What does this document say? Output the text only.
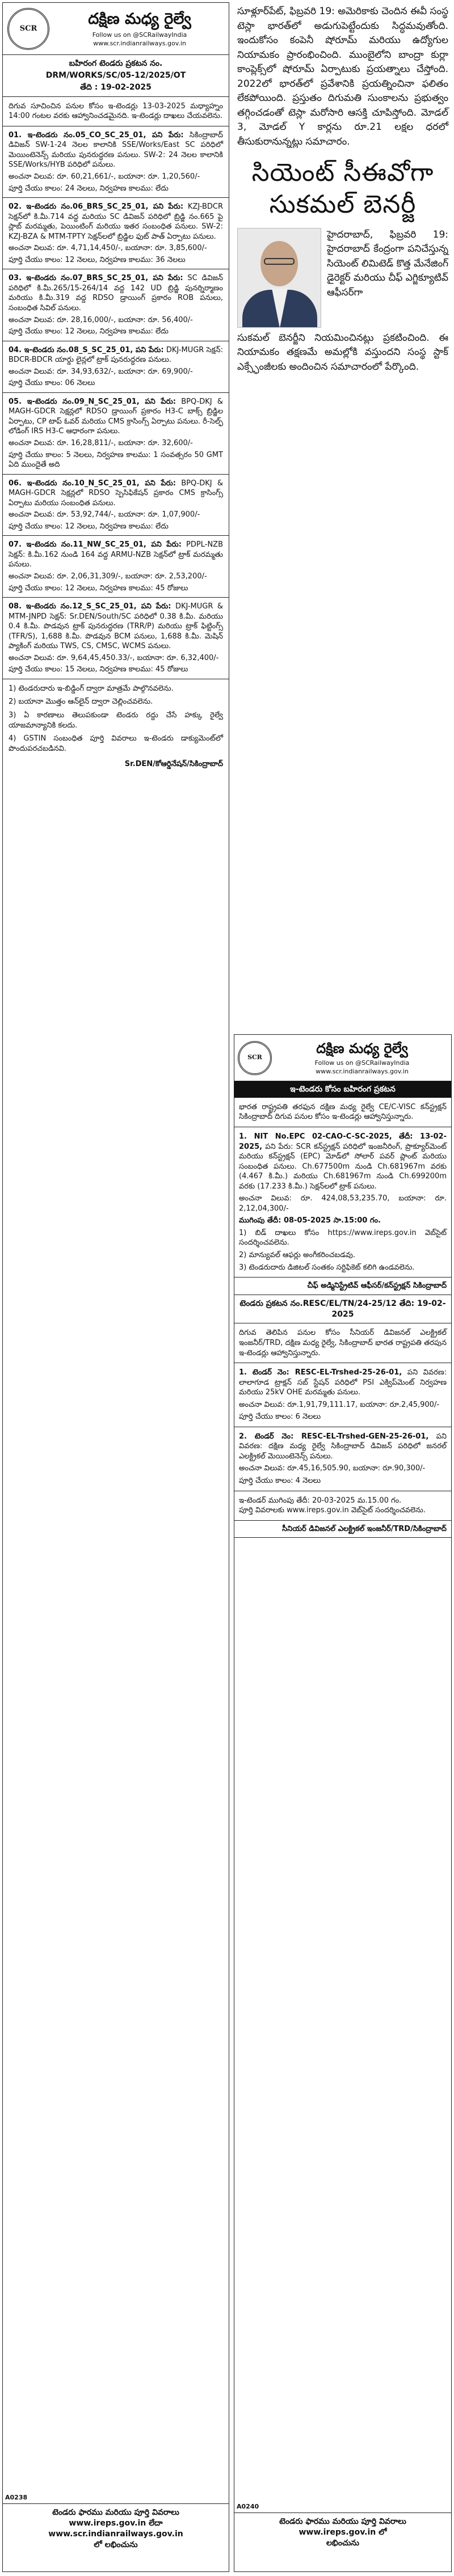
SCR
దక్షిణ మధ్య రైల్వే
Follow us on @SCRailwayIndia
www.scr.indianrailways.gov.in
బహిరంగ టెండరు ప్రకటన నం.
DRM/WORKS/SC/05-12/2025/OT
తేది : 19-02-2025
దిగువ సూచించిన పనుల కోసం ఇ-టెండర్లు 13-03-2025 మధ్యాహ్నం 14:00 గంటల వరకు ఆహ్వానించడమైనది. ఇ-టెండర్లు దాఖలు చేయవలెను.

01. ఇ-టెండరు నం.05_CO_SC_25_01, పని పేరు: సికింద్రాబాద్ డివిజన్ SW-1-24 నెలల కాలానికి SSE/Works/East SC పరిధిలో మెయింటెనెన్స్ మరియు పునరుద్ధరణ పనులు. SW-2: 24 నెలల కాలానికి SSE/Works/HYB పరిధిలో పనులు.

అంచనా విలువ: రూ. 60,21,661/-, బయానా: రూ. 1,20,560/-

పూర్తి చేయు కాలం: 24 నెలలు, నిర్వహణ కాలము: లేదు

02. ఇ-టెండరు నం.06_BRS_SC_25_01, పని పేరు: KZJ-BDCR సెక్షన్‌లో కి.మీ.714 వద్ద మరియు SC డివిజన్ పరిధిలో బ్రిడ్జి నం.665 పై స్లాబ్ మరమ్మతు, పెయింటింగ్ మరియు ఇతర సంబంధిత పనులు. SW-2: KZJ-BZA & MTM-TPTY సెక్షన్‌లలో బ్రిడ్జిల ఫుట్ పాత్ ఏర్పాటు పనులు.

అంచనా విలువ: రూ. 4,71,14,450/-, బయానా: రూ. 3,85,600/-

పూర్తి చేయు కాలం: 12 నెలలు, నిర్వహణ కాలము: 36 నెలలు

03. ఇ-టెండరు నం.07_BRS_SC_25_01, పని పేరు: SC డివిజన్ పరిధిలో కి.మీ.265/15-264/14 వద్ద 142 UD బ్రిడ్జి పునర్నిర్మాణం మరియు కి.మీ.319 వద్ద RDSO డ్రాయింగ్ ప్రకారం ROB పనులు, సంబంధిత సివిల్ పనులు.

అంచనా విలువ: రూ. 28,16,000/-, బయానా: రూ. 56,400/-

పూర్తి చేయు కాలం: 12 నెలలు, నిర్వహణ కాలము: లేదు

04. ఇ-టెండరు నం.08_S_SC_25_01, పని పేరు: DKJ-MUGR సెక్షన్: BDCR-BDCR యార్డు లైన్లలో ట్రాక్ పునరుద్ధరణ పనులు.

అంచనా విలువ: రూ. 34,93,632/-, బయానా: రూ. 69,900/-

పూర్తి చేయు కాలం: 06 నెలలు

05. ఇ-టెండరు నం.09_N_SC_25_01, పని పేరు: BPQ-DKJ & MAGH-GDCR సెక్షన్లలో RDSO డ్రాయింగ్ ప్రకారం H3-C బాక్స్ బ్రిడ్జిల ఏర్పాటు, CP టాప్ ఓవర్ మరియు CMS క్రాసింగ్స్ ఏర్పాటు పనులు. రీ-సెల్ఫ్ లోడింగ్ IRS H3-C ఆధారంగా పనులు.

అంచనా విలువ: రూ. 16,28,811/-, బయానా: రూ. 32,600/-

పూర్తి చేయు కాలం: 5 నెలలు, నిర్వహణ కాలము: 1 సంవత్సరం 50 GMT ఏది ముందైతే అది

06. ఇ-టెండరు నం.10_N_SC_25_01, పని పేరు: BPQ-DKJ & MAGH-GDCR సెక్షన్లలో RDSO స్పెసిఫికేషన్ ప్రకారం CMS క్రాసింగ్స్ ఏర్పాటు మరియు సంబంధిత పనులు.

అంచనా విలువ: రూ. 53,92,744/-, బయానా: రూ. 1,07,900/-

పూర్తి చేయు కాలం: 12 నెలలు, నిర్వహణ కాలము: లేదు

07. ఇ-టెండరు నం.11_NW_SC_25_01, పని పేరు: PDPL-NZB సెక్షన్: కి.మీ.162 నుండి 164 వద్ద ARMU-NZB సెక్షన్‌లో ట్రాక్ మరమ్మతు పనులు.

అంచనా విలువ: రూ. 2,06,31,309/-, బయానా: రూ. 2,53,200/-

పూర్తి చేయు కాలం: 12 నెలలు, నిర్వహణ కాలము: 45 రోజులు

08. ఇ-టెండరు నం.12_S_SC_25_01, పని పేరు: DKJ-MUGR & MTM-JNPD సెక్షన్: Sr.DEN/South/SC పరిధిలో 0.38 కి.మీ. మరియు 0.4 కి.మీ. పొడవున ట్రాక్ పునరుద్ధరణ (TRR/P) మరియు ట్రాక్ ఫిట్టింగ్స్ (TFR/S), 1,688 కి.మీ. పొడవున BCM పనులు, 1,688 కి.మీ. మెషిన్ ప్యాకింగ్ మరియు TWS, CS, CMSC, WCMS పనులు.

అంచనా విలువ: రూ. 9,64,45,450.33/-, బయానా: రూ. 6,32,400/-

పూర్తి చేయు కాలం: 15 నెలలు, నిర్వహణ కాలము: 45 రోజులు

1) టెండరుదారు ఇ-బిడ్డింగ్ ద్వారా మాత్రమే పాల్గొనవలెను.

2) బయానా మొత్తం ఆన్‌లైన్ ద్వారా చెల్లించవలెను.

3) ఏ కారణాలు తెలుపకుండా టెండరు రద్దు చేసే హక్కు రైల్వే యాజమాన్యానికి కలదు.

4) GSTIN సంబంధిత పూర్తి వివరాలు ఇ-టెండరు డాక్యుమెంట్‌లో పొందుపరచబడినవి.

Sr.DEN/కోఆర్డినేషన్/సికింద్రాబాద్
A0238
టెండరు ఫారము మరియు పూర్తి వివరాలు
www.ireps.gov.in లేదా
www.scr.indianrailways.gov.in
లో లభించును
సూళ్లూర్‌పేట్, ఫిబ్రవరి 19: అమెరికాకు చెందిన ఈవీ సంస్థ టెస్లా భారత్‌లో అడుగుపెట్టేందుకు సిద్ధమవుతోంది. ఇందుకోసం కంపెనీ షోరూమ్ మరియు ఉద్యోగుల నియామకం ప్రారంభించింది. ముంబైలోని బాంద్రా కుర్లా కాంప్లెక్స్‌లో షోరూమ్ ఏర్పాటుకు ప్రయత్నాలు చేస్తోంది. 2022లో భారత్‌లో ప్రవేశానికి ప్రయత్నించినా ఫలితం లేకపోయింది. ప్రస్తుతం దిగుమతి సుంకాలను ప్రభుత్వం తగ్గించడంతో టెస్లా మరోసారి ఆసక్తి చూపిస్తోంది. మోడల్ 3, మోడల్ Y కార్లను రూ.21 లక్షల ధరలో తీసుకురానున్నట్లు సమాచారం.
సియెంట్ సీఈవోగా సుకమల్ బెనర్జీ
హైదరాబాద్, ఫిబ్రవరి 19: హైదరాబాద్ కేంద్రంగా పనిచేస్తున్న సియెంట్ లిమిటెడ్ కొత్త మేనేజింగ్ డైరెక్టర్ మరియు చీఫ్ ఎగ్జిక్యూటివ్ ఆఫీసర్‌గా
సుకమల్ బెనర్జీని నియమించినట్లు ప్రకటించింది. ఈ నియామకం తక్షణమే అమల్లోకి వస్తుందని సంస్థ స్టాక్ ఎక్స్ఛేంజీలకు అందించిన సమాచారంలో పేర్కొంది.
SCR
దక్షిణ మధ్య రైల్వే
Follow us on @SCRailwayIndia
www.scr.indianrailways.gov.in
ఇ-టెండరు కోసం బహిరంగ ప్రకటన
భారత రాష్ట్రపతి తరఫున దక్షిణ మధ్య రైల్వే CE/C-VISC కన్‌స్ట్రక్షన్ సికింద్రాబాద్ దిగువ పనుల కోసం ఇ-టెండర్లు ఆహ్వానిస్తున్నారు.

1. NIT No.EPC 02-CAO-C-SC-2025, తేదీ: 13-02-2025, పని పేరు: SCR కన్‌స్ట్రక్షన్ పరిధిలో ఇంజనీరింగ్, ప్రొక్యూర్‌మెంట్ మరియు కన్‌స్ట్రక్షన్ (EPC) మోడ్‌లో సోలార్ పవర్ ప్లాంట్ మరియు సంబంధిత పనులు. Ch.677500m నుండి Ch.681967m వరకు (4.467 కి.మీ.) మరియు Ch.681967m నుండి Ch.699200m వరకు (17.233 కి.మీ.) సెక్షన్‌లలో ట్రాక్ పనులు.

అంచనా విలువ: రూ. 424,08,53,235.70, బయానా: రూ. 2,12,04,300/-

ముగింపు తేదీ: 08-05-2025 సా.15:00 గం.

1) బిడ్ దాఖలు కోసం https://www.ireps.gov.in వెబ్‌సైట్ సందర్శించవలెను.

2) మాన్యువల్ ఆఫర్లు అంగీకరించబడవు.

3) టెండరుదారు డిజిటల్ సంతకం సర్టిఫికెట్ కలిగి ఉండవలెను.

చీఫ్ అడ్మినిస్ట్రేటివ్ ఆఫీసర్/కన్‌స్ట్రక్షన్ సికింద్రాబాద్
టెండరు ప్రకటన నం.RESC/EL/TN/24-25/12 తేది: 19-02-2025
దిగువ తెలిపిన పనుల కోసం సీనియర్ డివిజనల్ ఎలక్ట్రికల్ ఇంజనీర్/TRD, దక్షిణ మధ్య రైల్వే, సికింద్రాబాద్ భారత రాష్ట్రపతి తరపున ఇ-టెండర్లు ఆహ్వానిస్తున్నారు.

1. టెండర్ నెం: RESC-EL-Trshed-25-26-01, పని వివరణ: లాలాగూడ ట్రాక్షన్ సబ్ స్టేషన్ పరిధిలో PSI ఎక్విప్‌మెంట్ నిర్వహణ మరియు 25kV OHE మరమ్మతు పనులు.

అంచనా విలువ: రూ.1,91,79,111.17, బయానా: రూ.2,45,900/-

పూర్తి చేయు కాలం: 6 నెలలు

2. టెండర్ నెం: RESC-EL-Trshed-GEN-25-26-01, పని వివరణ: దక్షిణ మధ్య రైల్వే సికింద్రాబాద్ డివిజన్ పరిధిలో జనరల్ ఎలక్ట్రికల్ మెయింటెనెన్స్ పనులు.

అంచనా విలువ: రూ.45,16,505.90, బయానా: రూ.90,300/-

పూర్తి చేయు కాలం: 4 నెలలు

ఇ-టెండర్ ముగింపు తేదీ: 20-03-2025 మ.15.00 గం.

పూర్తి వివరాలకు www.ireps.gov.in వెబ్‌సైట్ సందర్శించవలెను.

సీనియర్ డివిజనల్ ఎలక్ట్రికల్ ఇంజనీర్/TRD/సికింద్రాబాద్
A0240
టెండరు ఫారము మరియు పూర్తి వివరాలు
www.ireps.gov.in లో
లభించును
